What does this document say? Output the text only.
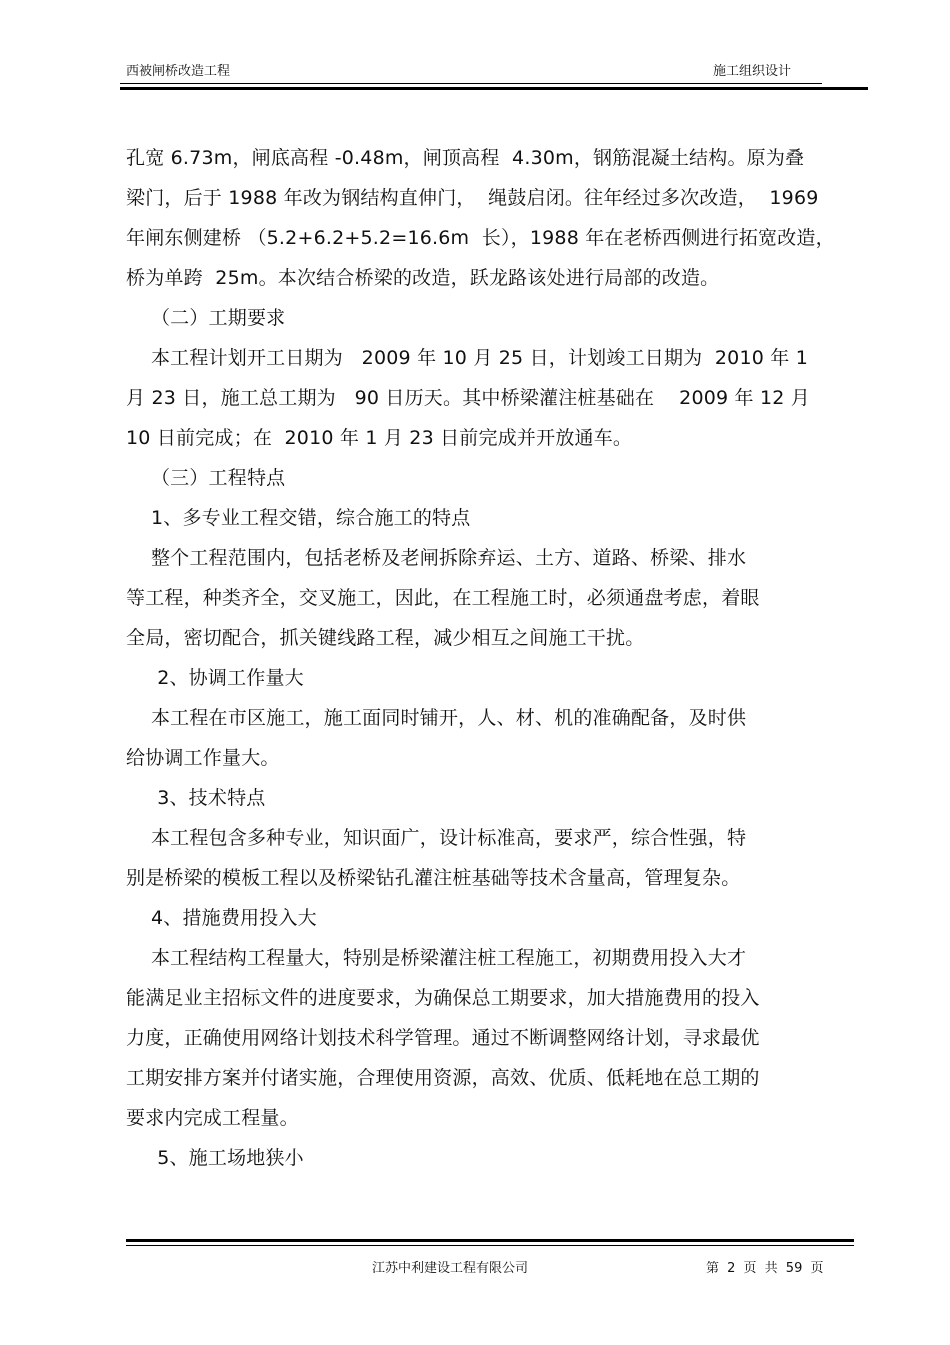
西被闸桥改造工程	施工组织设计
孔宽 6.73m，闸底高程 -0.48m，闸顶高程  4.30m，钢筋混凝土结构。原为叠
梁门，后于 1988 年改为钢结构直伸门，  绳鼓启闭。往年经过多次改造，  1969
年闸东侧建桥 （5.2+6.2+5.2=16.6m  长），1988 年在老桥西侧进行拓宽改造，
桥为单跨  25m。本次结合桥梁的改造，跃龙路该处进行局部的改造。
（二）工期要求
本工程计划开工日期为   2009 年 10 月 25 日，计划竣工日期为  2010 年 1
月 23 日，施工总工期为   90 日历天。其中桥梁灌注桩基础在    2009 年 12 月
10 日前完成；在  2010 年 1 月 23 日前完成并开放通车。
（三）工程特点
1、多专业工程交错，综合施工的特点
整个工程范围内，包括老桥及老闸拆除弃运、土方、道路、桥梁、排水
等工程，种类齐全，交叉施工，因此，在工程施工时，必须通盘考虑，着眼
全局，密切配合，抓关键线路工程，减少相互之间施工干扰。
2、协调工作量大
本工程在市区施工，施工面同时铺开，人、材、机的准确配备，及时供
给协调工作量大。
3、技术特点
本工程包含多种专业，知识面广，设计标准高，要求严，综合性强，特
别是桥梁的模板工程以及桥梁钻孔灌注桩基础等技术含量高，管理复杂。
4、措施费用投入大
本工程结构工程量大，特别是桥梁灌注桩工程施工，初期费用投入大才
能满足业主招标文件的进度要求，为确保总工期要求，加大措施费用的投入
力度，正确使用网络计划技术科学管理。通过不断调整网络计划，寻求最优
工期安排方案并付诸实施，合理使用资源，高效、优质、低耗地在总工期的
要求内完成工程量。
5、施工场地狭小
江苏中利建设工程有限公司	第 2 页 共 59 页
